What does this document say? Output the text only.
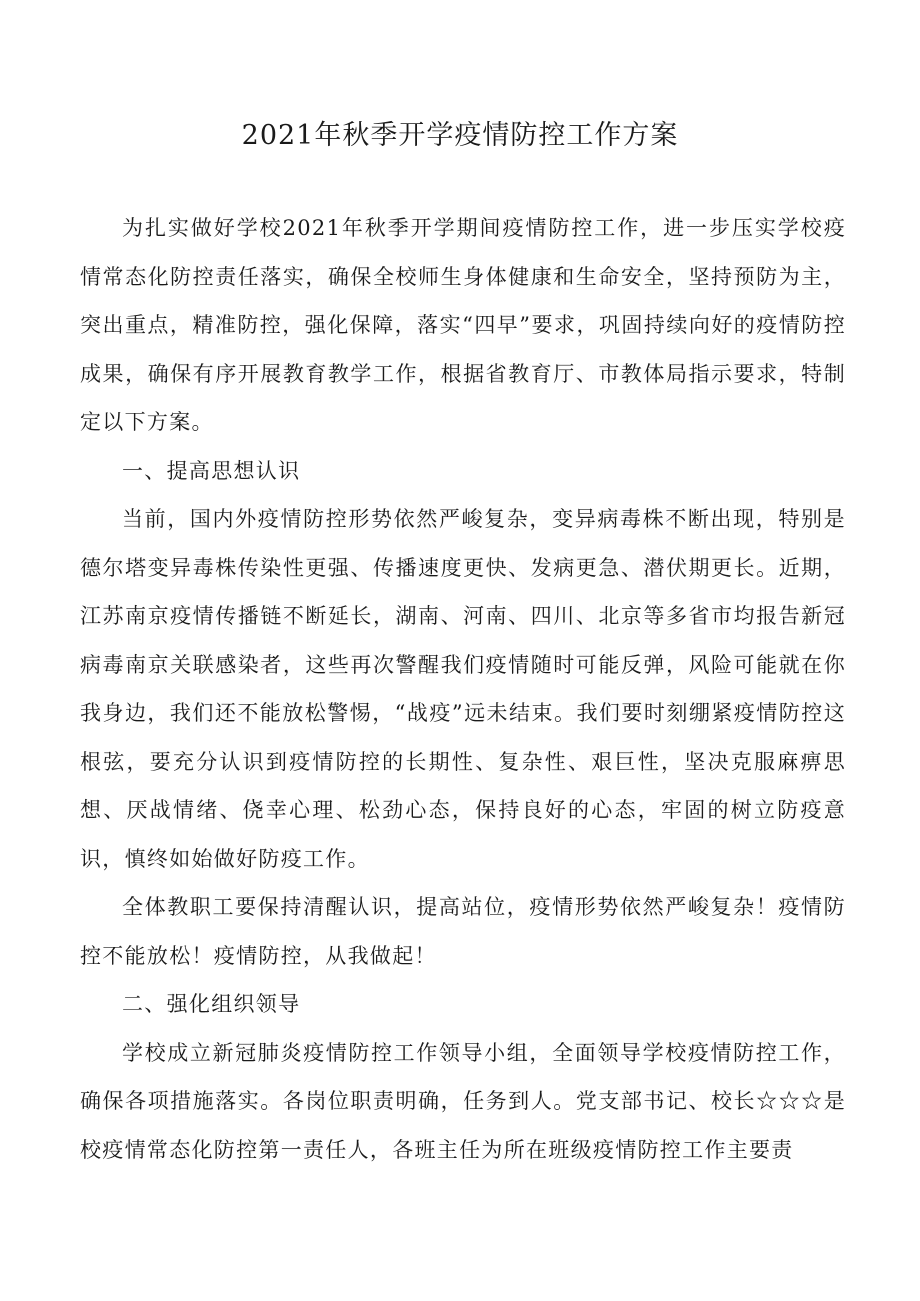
2021年秋季开学疫情防控工作方案

为扎实做好学校2021年秋季开学期间疫情防控工作，进一步压实学校疫情常态化防控责任落实，确保全校师生身体健康和生命安全，坚持预防为主，突出重点，精准防控，强化保障，落实“四早”要求，巩固持续向好的疫情防控成果，确保有序开展教育教学工作，根据省教育厅、市教体局指示要求，特制定以下方案。

一、提高思想认识

当前，国内外疫情防控形势依然严峻复杂，变异病毒株不断出现，特别是德尔塔变异毒株传染性更强、传播速度更快、发病更急、潜伏期更长。近期，江苏南京疫情传播链不断延长，湖南、河南、四川、北京等多省市均报告新冠病毒南京关联感染者，这些再次警醒我们疫情随时可能反弹，风险可能就在你我身边，我们还不能放松警惕，“战疫”远未结束。我们要时刻绷紧疫情防控这根弦，要充分认识到疫情防控的长期性、复杂性、艰巨性，坚决克服麻痹思想、厌战情绪、侥幸心理、松劲心态，保持良好的心态，牢固的树立防疫意识，慎终如始做好防疫工作。

全体教职工要保持清醒认识，提高站位，疫情形势依然严峻复杂！疫情防控不能放松！疫情防控，从我做起！

二、强化组织领导

学校成立新冠肺炎疫情防控工作领导小组，全面领导学校疫情防控工作，确保各项措施落实。各岗位职责明确，任务到人。党支部书记、校长☆☆☆是校疫情常态化防控第一责任人，各班主任为所在班级疫情防控工作主要责
